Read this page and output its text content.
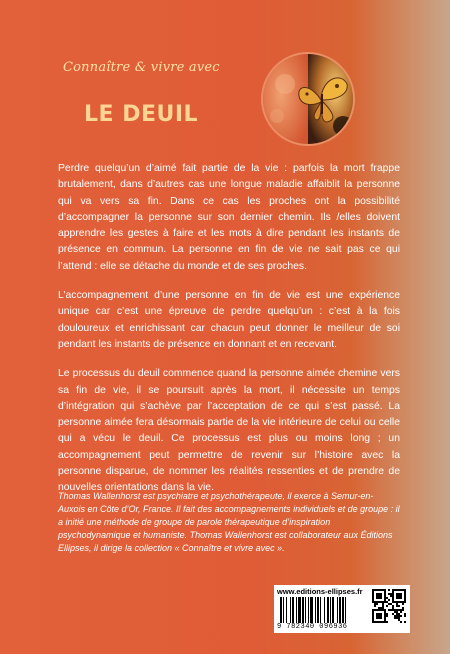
Connaître & vivre avec
LE DEUIL

Perdre quelqu’un d’aimé fait partie de la vie : parfois la mort frappe brutalement, dans d’autres cas une longue maladie affaiblit la personne qui va vers sa fin. Dans ce cas les proches ont la possibilité d’accompagner la personne sur son dernier chemin. Ils /elles doivent apprendre les gestes à faire et les mots à dire pendant les instants de présence en commun. La personne en fin de vie ne sait pas ce qui l’attend : elle se détache du monde et de ses proches.

L’accompagnement d’une personne en fin de vie est une expérience unique car c’est une épreuve de perdre quelqu’un : c’est à la fois douloureux et enrichissant car chacun peut donner le meilleur de soi pendant les instants de présence en donnant et en recevant.

Le processus du deuil commence quand la personne aimée chemine vers sa fin de vie, il se poursuit après la mort, il nécessite un temps d’intégration qui s’achève par l’acceptation de ce qui s’est passé. La personne aimée fera désormais partie de la vie intérieure de celui ou celle qui a vécu le deuil. Ce processus est plus ou moins long ; un accompagnement peut permettre de revenir sur l’histoire avec la personne disparue, de nommer les réalités ressenties et de prendre de nouvelles orientations dans la vie.

Thomas Wallenhorst est psychiatre et psychothérapeute, il exerce à Semur-en-Auxois en Côte d’Or, France. Il fait des accompagnements individuels et de groupe : il a initié une méthode de groupe de parole thérapeutique d’inspiration psychodynamique et humaniste. Thomas Wallenhorst est collaborateur aux Éditions Ellipses, il dirige la collection « Connaître et vivre avec ».

www.editions-ellipses.fr
9 782340 096936
